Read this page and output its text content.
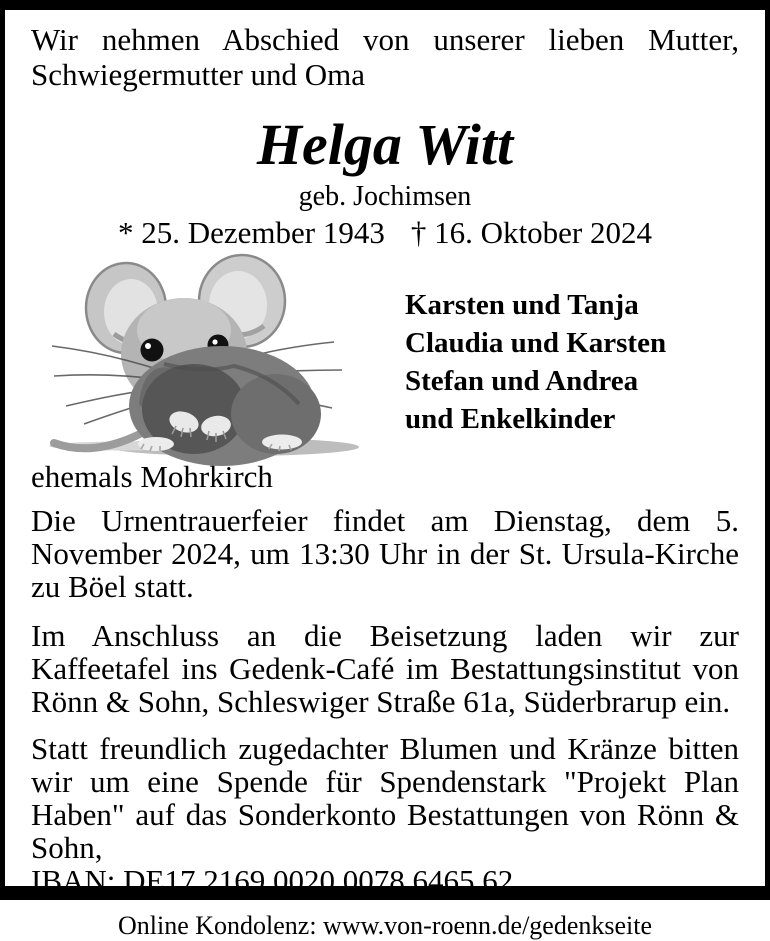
Wir nehmen Abschied von unserer lieben Mutter, Schwiegermutter und Oma
Helga Witt
geb. Jochimsen
* 25. Dezember 1943 † 16. Oktober 2024
Karsten und Tanja
Claudia und Karsten
Stefan und Andrea
und Enkelkinder
ehemals Mohrkirch
Die Urnentrauerfeier findet am Dienstag, dem 5. November 2024, um 13:30 Uhr in der St. Ursula-Kirche zu Böel statt.
Im Anschluss an die Beisetzung laden wir zur Kaffeetafel ins Gedenk-Café im Bestattungsinstitut von Rönn & Sohn, Schleswiger Straße 61a, Süderbrarup ein.
Statt freundlich zugedachter Blumen und Kränze bitten wir um eine Spende für Spendenstark "Projekt Plan Haben" auf das Sonderkonto Bestattungen von Rönn & Sohn,
IBAN: DE17 2169 0020 0078 6465 62.
Online Kondolenz: www.von-roenn.de/gedenkseite
